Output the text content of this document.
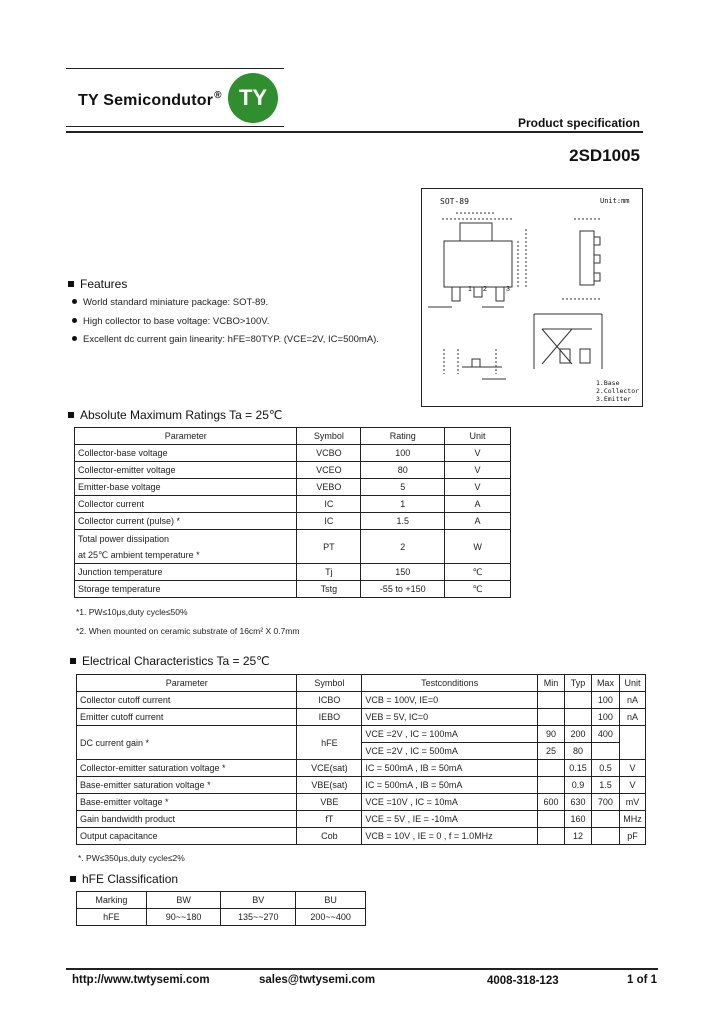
TY Semicondutor® TY
Product specification
2SD1005
SOT-89	Unit:mm
1 2	3
1.Base
2.Collector
3.Emitter
Features
World standard miniature package: SOT-89.
High collector to base voltage: VCBO>100V.
Excellent dc current gain linearity: hFE=80TYP. (VCE=2V, IC=500mA).
Absolute Maximum Ratings Ta = 25℃
Parameter	Symbol	Rating	Unit
Collector-base voltage	VCBO	100	V
Collector-emitter voltage	VCEO	80	V
Emitter-base voltage	VEBO	5	V
Collector current	IC	1	A
Collector current (pulse) *	IC	1.5	A

Total power dissipation
at 25℃ ambient temperature *	PT	2	W
Junction temperature	Tj	150	℃
Storage temperature	Tstg	-55 to +150	℃
*1. PW≤10μs,duty cycle≤50%
*2. When mounted on ceramic substrate of 16cm² X 0.7mm
Electrical Characteristics Ta = 25℃
Parameter	Symbol	Testconditions	Min	Typ	Max	Unit
Collector cutoff current	ICBO	VCB = 100V, IE=0			100	nA
Emitter cutoff current	IEBO	VEB = 5V, IC=0			100	nA
DC current gain *	hFE	VCE =2V , IC = 100mA	90	200	400	
		VCE =2V , IC = 500mA	25	80		
Collector-emitter saturation voltage *	VCE(sat)	IC = 500mA , IB = 50mA		0.15	0.5	V
Base-emitter saturation voltage *	VBE(sat)	IC = 500mA , IB = 50mA		0.9	1.5	V
Base-emitter voltage *	VBE	VCE =10V , IC = 10mA	600	630	700	mV
Gain bandwidth product	fT	VCE = 5V , IE = -10mA		160		MHz
Output capacitance	Cob	VCB = 10V , IE = 0 , f = 1.0MHz		12		pF
*. PW≤350μs,duty cycle≤2%
hFE Classification
Marking	BW	BV	BU
hFE	90~~180	135~~270	200~~400
http://www.twtysemi.com	sales@twtysemi.com	4008-318-123	1 of 1
